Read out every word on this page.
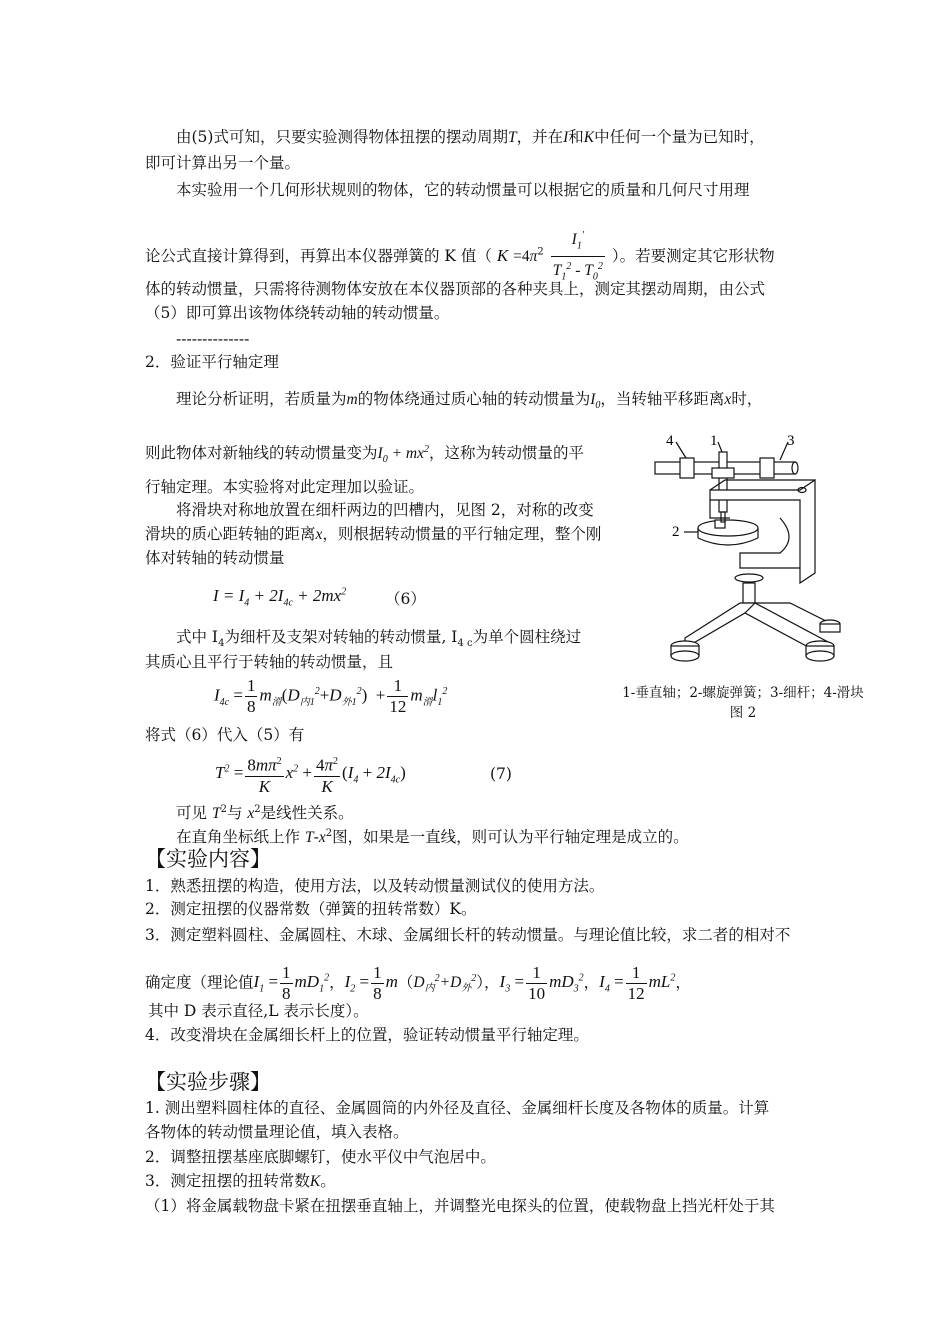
由(5)式可知，只要实验测得物体扭摆的摆动周期T，并在I和K中任何一个量为已知时，
即可计算出另一个量。
本实验用一个几何形状规则的物体，它的转动惯量可以根据它的质量和几何尺寸用理
论公式直接计算得到，再算出本仪器弹簧的 K 值（ $K =4\pi^2 \frac{I_1'}{T_1^2 - T_0^2}$ ）。若要测定其它形状物
体的转动惯量，只需将待测物体安放在本仪器顶部的各种夹具上，测定其摆动周期，由公式
（5）即可算出该物体绕转动轴的转动惯量。
--------------
2．验证平行轴定理
理论分析证明，若质量为m的物体绕通过质心轴的转动惯量为$I_0$，当转轴平移距离x时，
则此物体对新轴线的转动惯量变为$I_0 + mx^2$，这称为转动惯量的平
行轴定理。本实验将对此定理加以验证。
将滑块对称地放置在细杆两边的凹槽内，见图 2，对称的改变
滑块的质心距转轴的距离x，则根据转动惯量的平行轴定理，整个刚
体对转轴的转动惯量
$I = I_4 + 2I_{4c} + 2mx^2$	（6）
式中 $I_4$为细杆及支架对转轴的转动惯量, $I_{4 c}$为单个圆柱绕过
其质心且平行于转轴的转动惯量，且
$I_{4c} = \frac{1}{8} m_滑(D_{内1}^2+D_{外1}^2) + \frac{1}{12} m_滑l_1^2$
将式（6）代入（5）有
$T^2 = \frac{8m\pi^2}{K} x^2 + \frac{4\pi^2}{K} (I_4 + 2I_{4c})$	(7)
可见 $T^2$与 $x^2$是线性关系。
在直角坐标纸上作 $T-x^2$图，如果是一直线，则可认为平行轴定理是成立的。
【实验内容】
1．熟悉扭摆的构造，使用方法，以及转动惯量测试仪的使用方法。
2．测定扭摆的仪器常数（弹簧的扭转常数）K。
3．测定塑料圆柱、金属圆柱、木球、金属细长杆的转动惯量。与理论值比较，求二者的相对不
确定度（理论值$I_1 = \frac{1}{8} mD_1^2$，$I_2 = \frac{1}{8} m(D_内^2+D_外^2)$，$I_3 = \frac{1}{10} mD_3^2$，$I_4 = \frac{1}{12} mL^2$，
其中 D 表示直径,L 表示长度）。
4．改变滑块在金属细长杆上的位置，验证转动惯量平行轴定理。
【实验步骤】
1. 测出塑料圆柱体的直径、金属圆筒的内外径及直径、金属细杆长度及各物体的质量。计算
各物体的转动惯量理论值，填入表格。
2．调整扭摆基座底脚螺钉，使水平仪中气泡居中。
3．测定扭摆的扭转常数K。
（1）将金属载物盘卡紧在扭摆垂直轴上，并调整光电探头的位置，使载物盘上挡光杆处于其
4 1	3
2
1-垂直轴；2-螺旋弹簧；3-细杆；4-滑块
图 2
